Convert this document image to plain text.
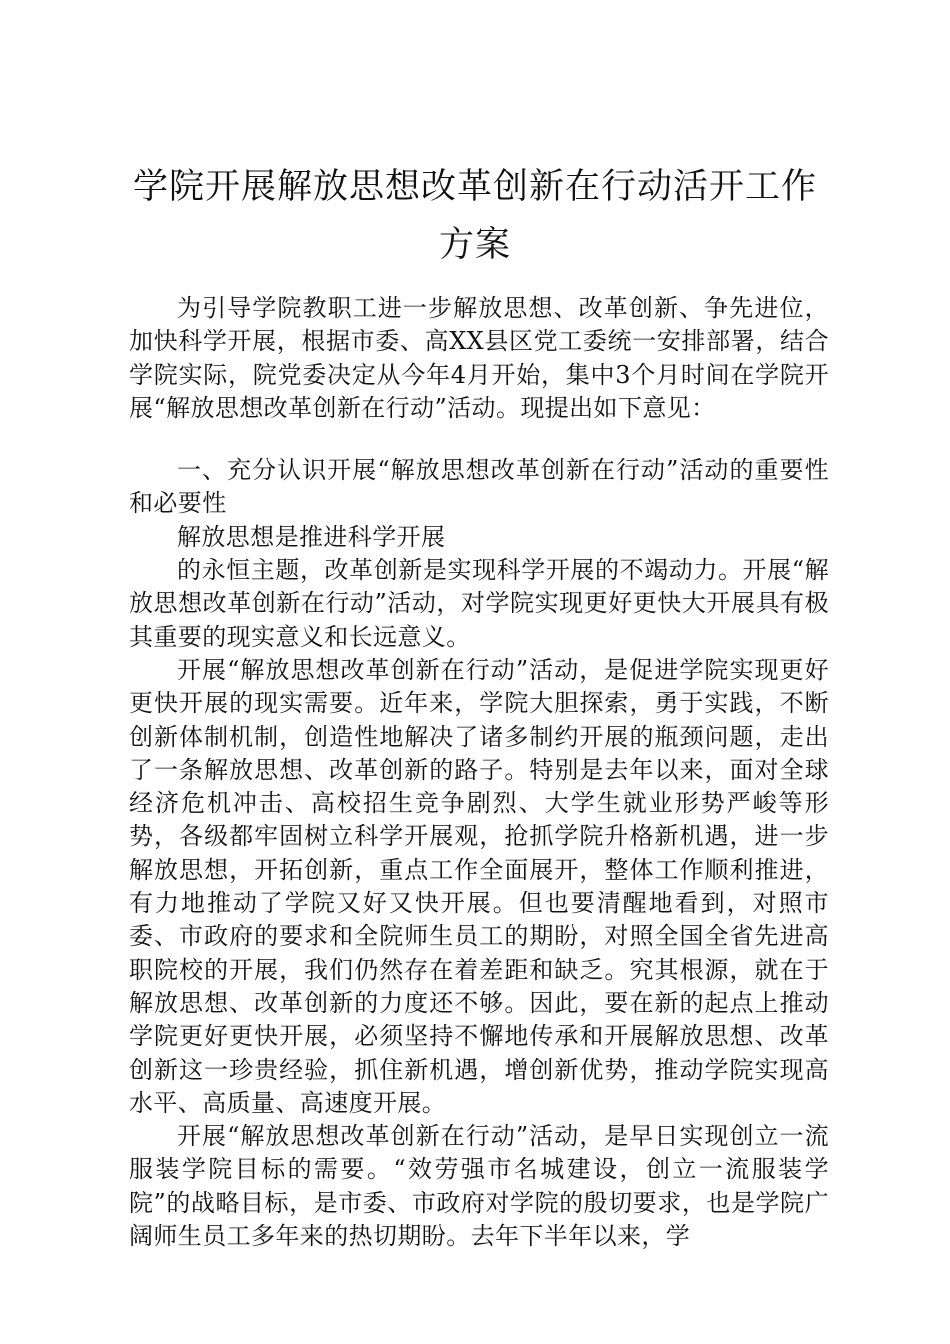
学院开展解放思想改革创新在行动活开工作方案

为引导学院教职工进一步解放思想、改革创新、争先进位，加快科学开展，根据市委、高XX县区党工委统一安排部署，结合学院实际，院党委决定从今年4月开始，集中3个月时间在学院开展“解放思想改革创新在行动”活动。现提出如下意见：

一、充分认识开展“解放思想改革创新在行动”活动的重要性和必要性

解放思想是推进科学开展

的永恒主题，改革创新是实现科学开展的不竭动力。开展“解放思想改革创新在行动”活动，对学院实现更好更快大开展具有极其重要的现实意义和长远意义。

开展“解放思想改革创新在行动”活动，是促进学院实现更好更快开展的现实需要。近年来，学院大胆探索，勇于实践，不断创新体制机制，创造性地解决了诸多制约开展的瓶颈问题，走出了一条解放思想、改革创新的路子。特别是去年以来，面对全球经济危机冲击、高校招生竞争剧烈、大学生就业形势严峻等形势，各级都牢固树立科学开展观，抢抓学院升格新机遇，进一步解放思想，开拓创新，重点工作全面展开，整体工作顺利推进，有力地推动了学院又好又快开展。但也要清醒地看到，对照市委、市政府的要求和全院师生员工的期盼，对照全国全省先进高职院校的开展，我们仍然存在着差距和缺乏。究其根源，就在于解放思想、改革创新的力度还不够。因此，要在新的起点上推动学院更好更快开展，必须坚持不懈地传承和开展解放思想、改革创新这一珍贵经验，抓住新机遇，增创新优势，推动学院实现高水平、高质量、高速度开展。

开展“解放思想改革创新在行动”活动，是早日实现创立一流服装学院目标的需要。“效劳强市名城建设，创立一流服装学院”的战略目标，是市委、市政府对学院的殷切要求，也是学院广阔师生员工多年来的热切期盼。去年下半年以来，学
